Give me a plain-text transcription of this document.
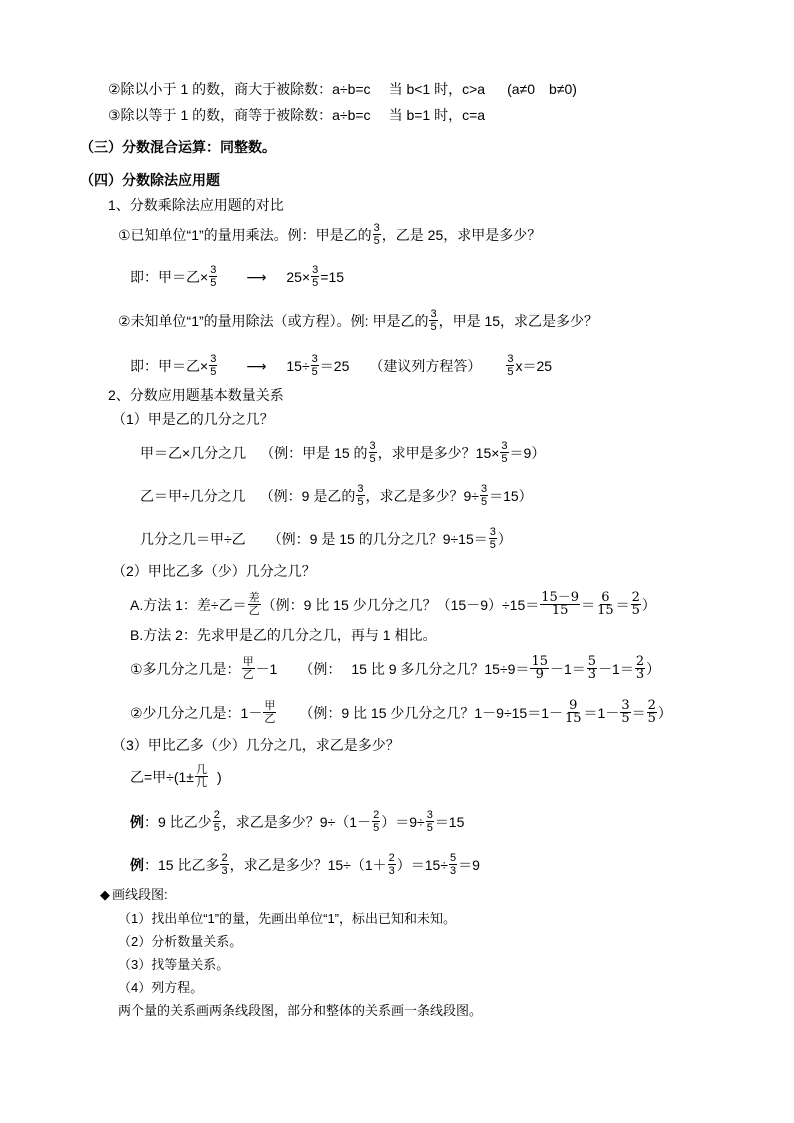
②除以小于 1 的数，商大于被除数：a÷b=c 当 b<1 时，c>a (a≠0 b≠0)
③除以等于 1 的数，商等于被除数：a÷b=c 当 b=1 时，c=a
（三）分数混合运算：同整数。
（四）分数除法应用题
1、分数乘除法应用题的对比
①已知单位“1”的量用乘法。例：甲是乙的 $\frac{3}{5}$ ，乙是 25，求甲是多少？
即：甲＝乙× $\frac{3}{5}$ ⟶ $25\times \frac{3}{5} =15$
②未知单位“1”的量用除法（或方程）。例: 甲是乙的 $\frac{3}{5}$ ，甲是 15，求乙是多少？
即：甲＝乙× $\frac{3}{5}$ ⟶ $15\div \frac{3}{5} =25$ （建议列方程答） $\frac{3}{5} x=25$
2、分数应用题基本数量关系
（1）甲是乙的几分之几？
甲＝乙×几分之几 （例：甲是 15 的 $\frac{3}{5}$ ，求甲是多少？$15\times \frac{3}{5} =9$）
乙＝甲÷几分之几 （例：9 是乙的 $\frac{3}{5}$ ，求乙是多少？$9\div \frac{3}{5} =15$）
几分之几＝甲÷乙 （例：9 是 15 的几分之几？$9\div 15= \frac{3}{5}$ ）
（2）甲比乙多（少）几分之几？
A.方法 1：差÷乙＝ $\frac{\text{差}}{\text{乙}}$ （例：9 比 15 少几分之几？$(15-9)\div 15= \frac{15-9}{15} = \frac{6}{15} = \frac{2}{5}$ ）
B.方法 2：先求甲是乙的几分之几，再与 1 相比。
①多几分之几是： $\frac{\text{甲}}{\text{乙}} -1$ （例： 15 比 9 多几分之几？$15\div 9= \frac{15}{9} -1= \frac{5}{3} -1= \frac{2}{3}$ ）
②少几分之几是：$1- \frac{\text{甲}}{\text{乙}}$ （例：9 比 15 少几分之几？$1-9\div 15=1- \frac{9}{15} =1- \frac{3}{5} = \frac{2}{5}$ ）
（3）甲比乙多（少）几分之几，求乙是多少？
乙=甲$\div(1\pm \frac{\text{几}}{\text{几}}$ )
例 ：9 比乙少 $\frac{2}{5}$ ，求乙是多少？$9\div(1- \frac{2}{5} )=9\div \frac{3}{5} =15$
例 ：15 比乙多 $\frac{2}{3}$ ，求乙是多少？$15\div(1+ \frac{2}{3} )=15\div \frac{5}{3} =9$
◆ 画线段图:
（1）找出单位“1”的量，先画出单位“1”，标出已知和未知。
（2）分析数量关系。
（3）找等量关系。
（4）列方程。
两个量的关系画两条线段图，部分和整体的关系画一条线段图。
